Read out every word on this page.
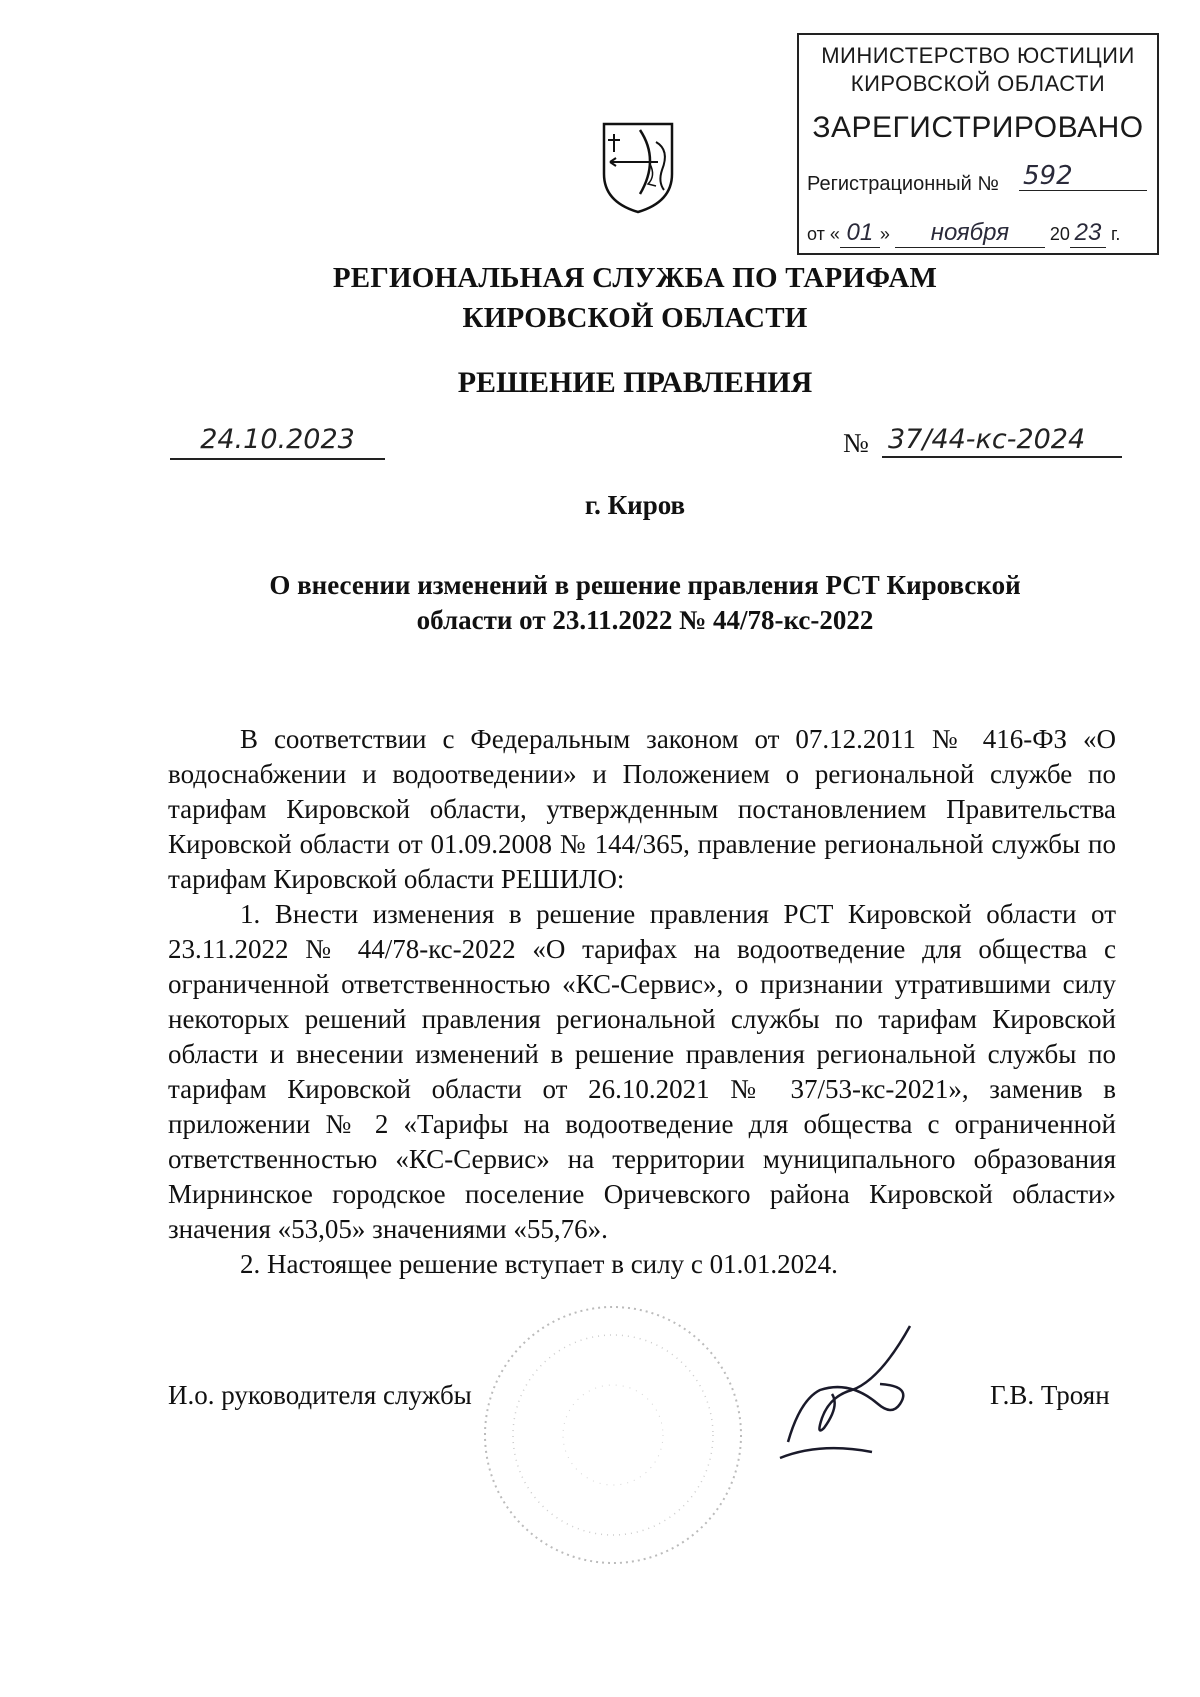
МИНИСТЕРСТВО ЮСТИЦИИ
КИРОВСКОЙ ОБЛАСТИ
ЗАРЕГИСТРИРОВАНО
Регистрационный № 592
от « 01 » ноября 20 23 г.
РЕГИОНАЛЬНАЯ СЛУЖБА ПО ТАРИФАМ
КИРОВСКОЙ ОБЛАСТИ
РЕШЕНИЕ ПРАВЛЕНИЯ
24.10.2023	№ 37/44-кс-2024
г. Киров
О внесении изменений в решение правления РСТ Кировской
области от 23.11.2022 № 44/78-кс-2022

В соответствии с Федеральным законом от 07.12.2011 № 416-ФЗ «О водоснабжении и водоотведении» и Положением о региональной службе по тарифам Кировской области, утвержденным постановлением Правительства Кировской области от 01.09.2008 № 144/365, правление региональной службы по тарифам Кировской области РЕШИЛО:

1. Внести изменения в решение правления РСТ Кировской области от 23.11.2022 № 44/78-кс-2022 «О тарифах на водоотведение для общества с ограниченной ответственностью «КС-Сервис», о признании утратившими силу некоторых решений правления региональной службы по тарифам Кировской области и внесении изменений в решение правления региональной службы по тарифам Кировской области от 26.10.2021 № 37/53-кс-2021», заменив в приложении № 2 «Тарифы на водоотведение для общества с ограниченной ответственностью «КС-Сервис» на территории муниципального образования Мирнинское городское поселение Оричевского района Кировской области» значения «53,05» значениями «55,76».

2. Настоящее решение вступает в силу с 01.01.2024.

И.о. руководителя службы	Г.В. Троян
